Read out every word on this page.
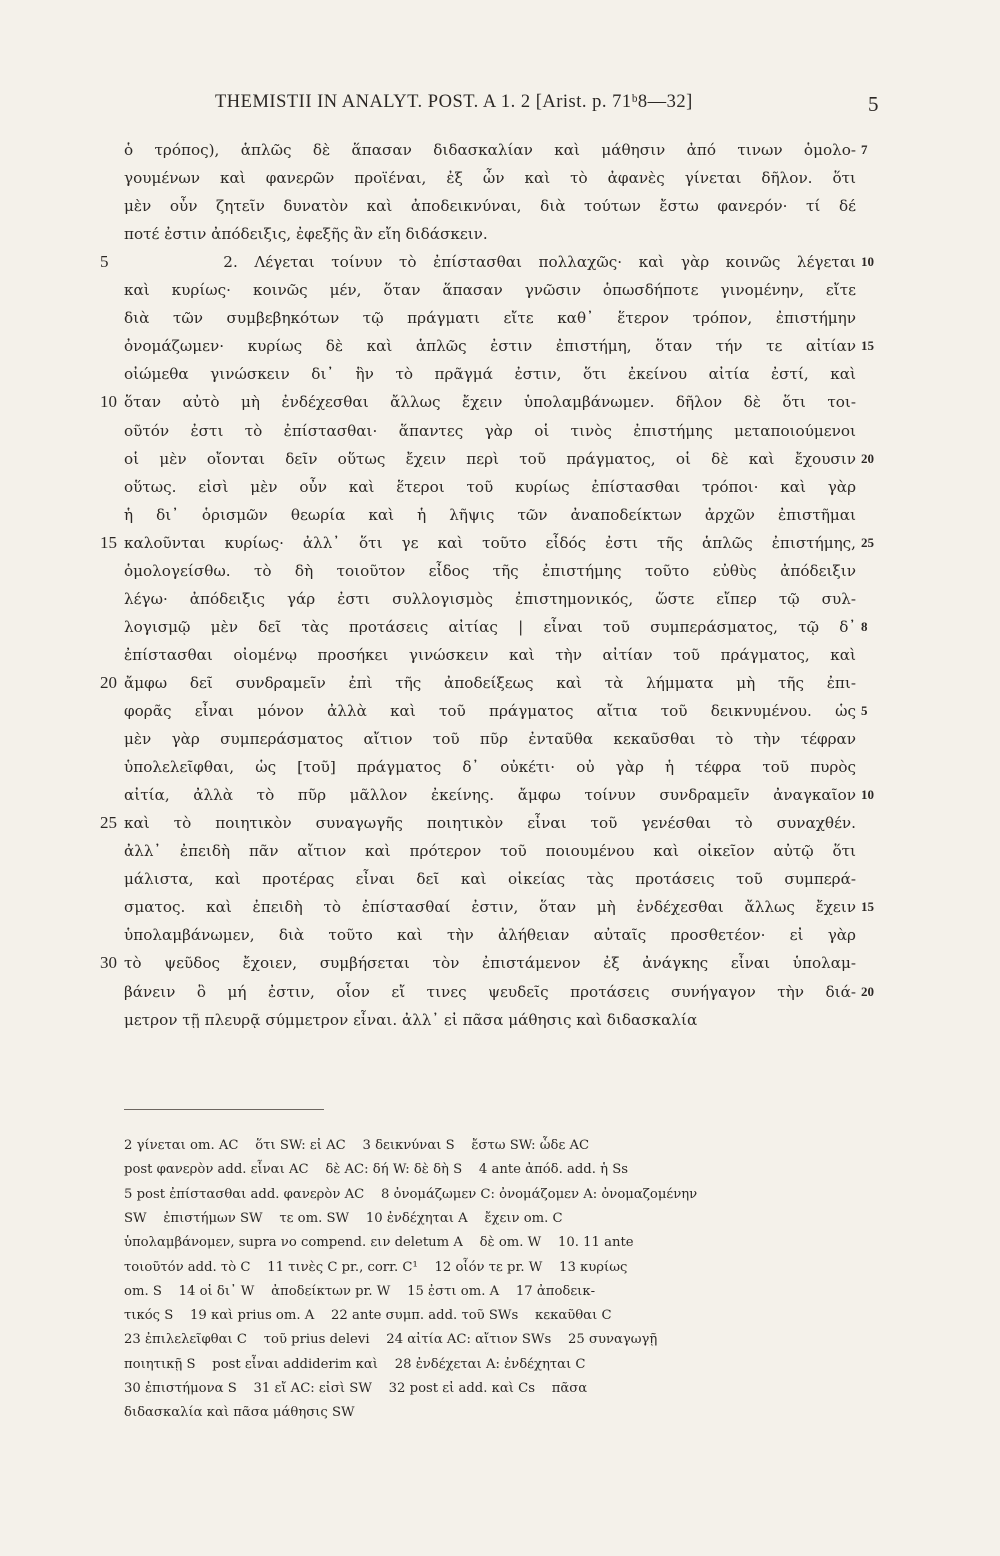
THEMISTII IN ANALYT. POST. A 1. 2 [Arist. p. 71ᵇ8—32]	5
ὁ τρόπος), ἁπλῶς δὲ ἅπασαν διδασκαλίαν καὶ μάθησιν ἀπό τινων ὁμολο- 7
γουμένων καὶ φανερῶν προϊέναι, ἐξ ὧν καὶ τὸ ἀφανὲς γίνεται δῆλον. ὅτι
μὲν οὖν ζητεῖν δυνατὸν καὶ ἀποδεικνύναι, διὰ τούτων ἔστω φανερόν· τί δέ
ποτέ ἐστιν ἀπόδειξις, ἐφεξῆς ἂν εἴη διδάσκειν.
5	2. Λέγεται τοίνυν τὸ ἐπίστασθαι πολλαχῶς· καὶ γὰρ κοινῶς λέγεται 10
καὶ κυρίως· κοινῶς μέν, ὅταν ἅπασαν γνῶσιν ὁπωσδήποτε γινομένην, εἴτε
διὰ τῶν συμβεβηκότων τῷ πράγματι εἴτε καθ᾽ ἕτερον τρόπον, ἐπιστήμην
ὀνομάζωμεν· κυρίως δὲ καὶ ἁπλῶς ἐστιν ἐπιστήμη, ὅταν τήν τε αἰτίαν 15
οἰώμεθα γινώσκειν δι᾽ ἣν τὸ πρᾶγμά ἐστιν, ὅτι ἐκείνου αἰτία ἐστί, καὶ
10 ὅταν αὐτὸ μὴ ἐνδέχεσθαι ἄλλως ἔχειν ὑπολαμβάνωμεν. δῆλον δὲ ὅτι τοι-
οῦτόν ἐστι τὸ ἐπίστασθαι· ἅπαντες γὰρ οἱ τινὸς ἐπιστήμης μεταποιούμενοι
οἱ μὲν οἴονται δεῖν οὕτως ἔχειν περὶ τοῦ πράγματος, οἱ δὲ καὶ ἔχουσιν 20
οὕτως. εἰσὶ μὲν οὖν καὶ ἕτεροι τοῦ κυρίως ἐπίστασθαι τρόποι· καὶ γὰρ
ἡ δι᾽ ὁρισμῶν θεωρία καὶ ἡ λῆψις τῶν ἀναποδείκτων ἀρχῶν ἐπιστῆμαι
15 καλοῦνται κυρίως· ἀλλ᾽ ὅτι γε καὶ τοῦτο εἶδός ἐστι τῆς ἁπλῶς ἐπιστήμης, 25
ὁμολογείσθω. τὸ δὴ τοιοῦτον εἶδος τῆς ἐπιστήμης τοῦτο εὐθὺς ἀπόδειξιν
λέγω· ἀπόδειξις γάρ ἐστι συλλογισμὸς ἐπιστημονικός, ὥστε εἴπερ τῷ συλ-
λογισμῷ μὲν δεῖ τὰς προτάσεις αἰτίας | εἶναι τοῦ συμπεράσματος, τῷ δ᾽ 8
ἐπίστασθαι οἰομένῳ προσήκει γινώσκειν καὶ τὴν αἰτίαν τοῦ πράγματος, καὶ
20 ἄμφω δεῖ συνδραμεῖν ἐπὶ τῆς ἀποδείξεως καὶ τὰ λήμματα μὴ τῆς ἐπι-
φορᾶς εἶναι μόνον ἀλλὰ καὶ τοῦ πράγματος αἴτια τοῦ δεικνυμένου. ὡς 5
μὲν γὰρ συμπεράσματος αἴτιον τοῦ πῦρ ἐνταῦθα κεκαῦσθαι τὸ τὴν τέφραν
ὑπολελεῖφθαι, ὡς [τοῦ] πράγματος δ᾽ οὐκέτι· οὐ γὰρ ἡ τέφρα τοῦ πυρὸς
αἰτία, ἀλλὰ τὸ πῦρ μᾶλλον ἐκείνης. ἄμφω τοίνυν συνδραμεῖν ἀναγκαῖον 10
25 καὶ τὸ ποιητικὸν συναγωγῆς ποιητικὸν εἶναι τοῦ γενέσθαι τὸ συναχθέν.
ἀλλ᾽ ἐπειδὴ πᾶν αἴτιον καὶ πρότερον τοῦ ποιουμένου καὶ οἰκεῖον αὐτῷ ὅτι
μάλιστα, καὶ προτέρας εἶναι δεῖ καὶ οἰκείας τὰς προτάσεις τοῦ συμπερά-
σματος. καὶ ἐπειδὴ τὸ ἐπίστασθαί ἐστιν, ὅταν μὴ ἐνδέχεσθαι ἄλλως ἔχειν 15
ὑπολαμβάνωμεν, διὰ τοῦτο καὶ τὴν ἀλήθειαν αὐταῖς προσθετέον· εἰ γὰρ
30 τὸ ψεῦδος ἔχοιεν, συμβήσεται τὸν ἐπιστάμενον ἐξ ἀνάγκης εἶναι ὑπολαμ-
βάνειν ὃ μή ἐστιν, οἷον εἴ τινες ψευδεῖς προτάσεις συνήγαγον τὴν διά- 20
μετρον τῇ πλευρᾷ σύμμετρον εἶναι. ἀλλ᾽ εἰ πᾶσα μάθησις καὶ διδασκαλία
2 γίνεται om. AC    ὅτι SW: εἰ AC    3 δεικνύναι S    ἔστω SW: ὧδε AC
post φανερὸν add. εἶναι AC    δὲ AC: δή W: δὲ δὴ S    4 ante ἀπόδ. add. ἡ Ss
5 post ἐπίστασθαι add. φανερὸν AC    8 ὀνομάζωμεν C: ὀνομάζομεν A: ὀνομαζομένην
SW    ἐπιστήμων SW    τε om. SW    10 ἐνδέχηται A    ἔχειν om. C
ὑπολαμβάνομεν, supra νο compend. ειν deletum A    δὲ om. W    10. 11 ante
τοιοῦτόν add. τὸ C    11 τινὲς C pr., corr. C¹    12 οἷόν τε pr. W    13 κυρίως
om. S    14 οἱ δι᾽ W    ἀποδείκτων pr. W    15 ἐστι om. A    17 ἀποδεικ-
τικός S    19 καὶ prius om. A    22 ante συμπ. add. τοῦ SWs    κεκαῦθαι C
23 ἐπιλελεῖφθαι C    τοῦ prius delevi    24 αἰτία AC: αἴτιον SWs    25 συναγωγῇ
ποιητικῇ S    post εἶναι addiderim καὶ    28 ἐνδέχεται A: ἐνδέχηται C
30 ἐπιστήμονα S    31 εἴ AC: εἰσὶ SW    32 post εἰ add. καὶ Cs    πᾶσα
διδασκαλία καὶ πᾶσα μάθησις SW
